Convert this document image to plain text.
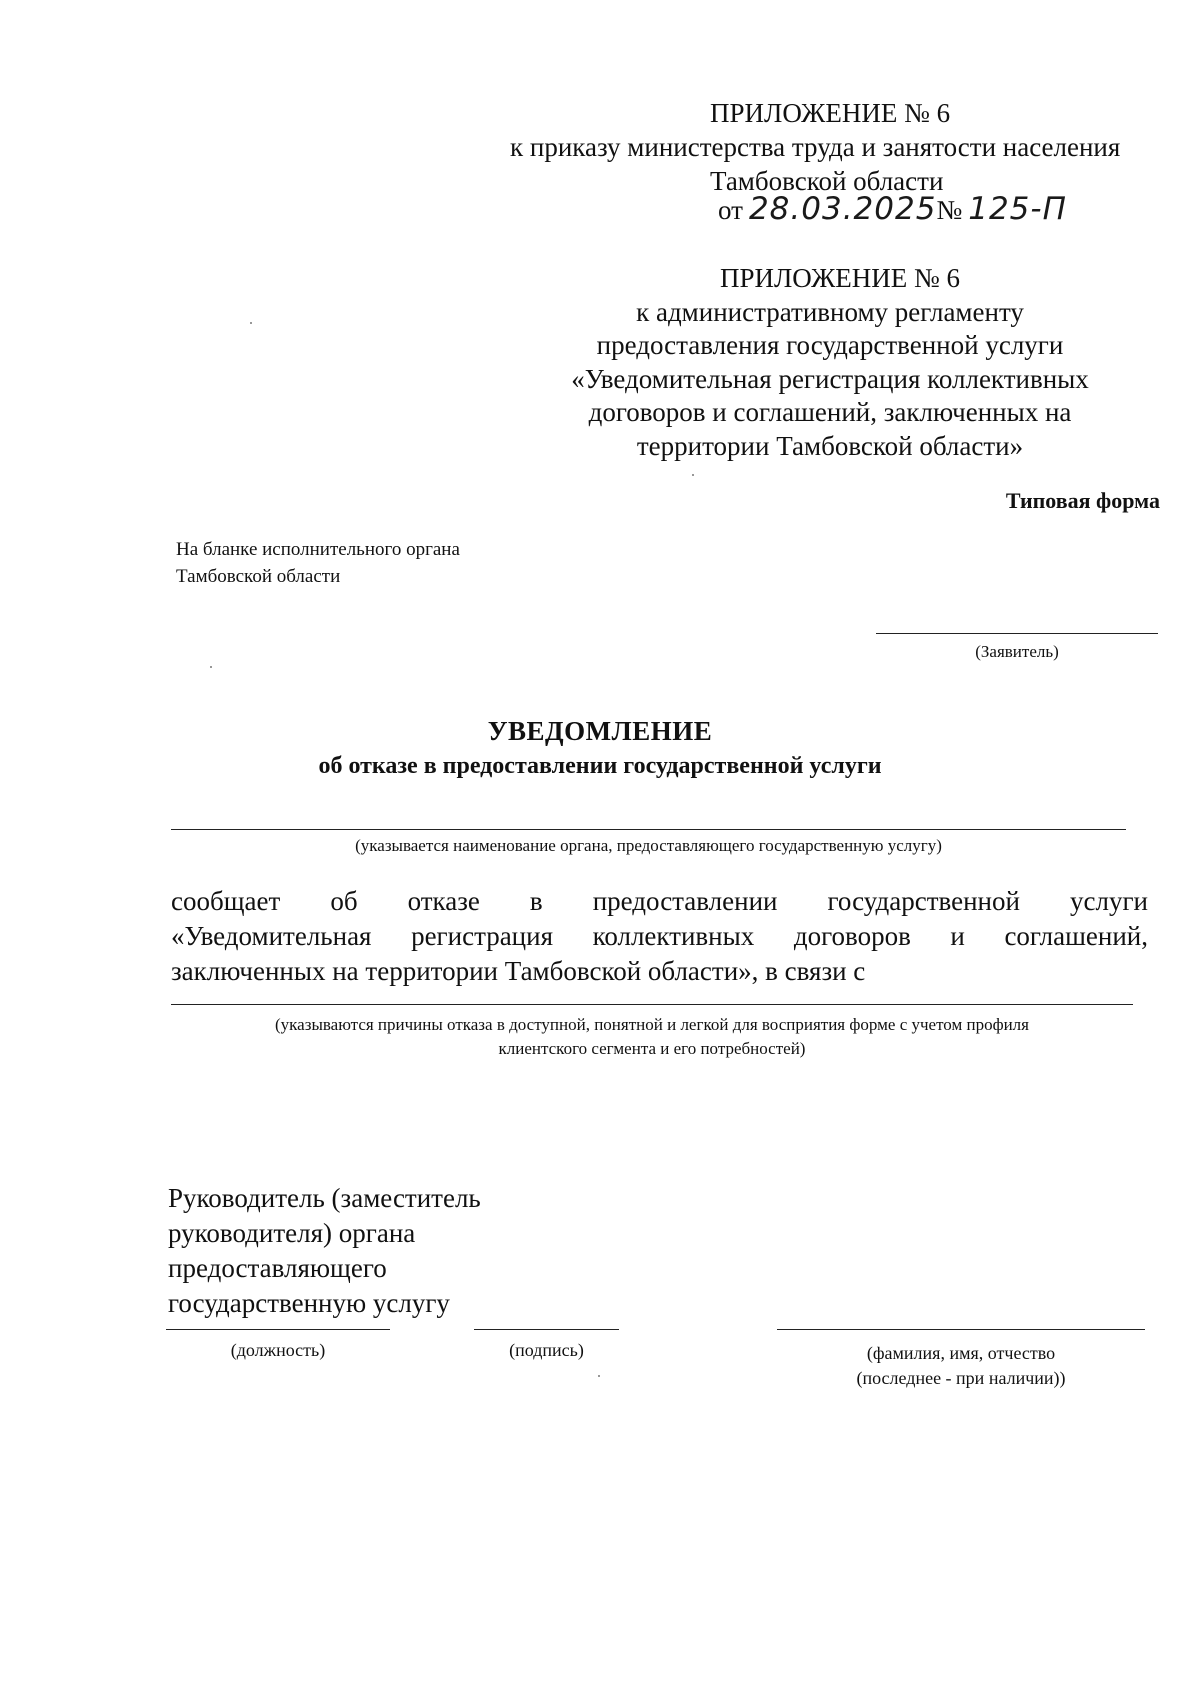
ПРИЛОЖЕНИЕ № 6
к приказу министерства труда и занятости населения
Тамбовской области
от 28.03.2025 № 125-П
ПРИЛОЖЕНИЕ № 6
к административному регламенту
предоставления государственной услуги
«Уведомительная регистрация коллективных
договоров и соглашений, заключенных на
территории Тамбовской области»
Типовая форма
На бланке исполнительного органа
Тамбовской области
(Заявитель)
УВЕДОМЛЕНИЕ
об отказе в предоставлении государственной услуги
(указывается наименование органа, предоставляющего государственную услугу)
сообщает об отказе в предоставлении государственной услуги
«Уведомительная регистрация коллективных договоров и соглашений,
заключенных на территории Тамбовской области», в связи с
(указываются причины отказа в доступной, понятной и легкой для восприятия форме с учетом профиля
клиентского сегмента и его потребностей)
Руководитель (заместитель
руководителя) органа
предоставляющего
государственную услугу
(должность)	(подпись)	(фамилия, имя, отчество
(последнее - при наличии))
